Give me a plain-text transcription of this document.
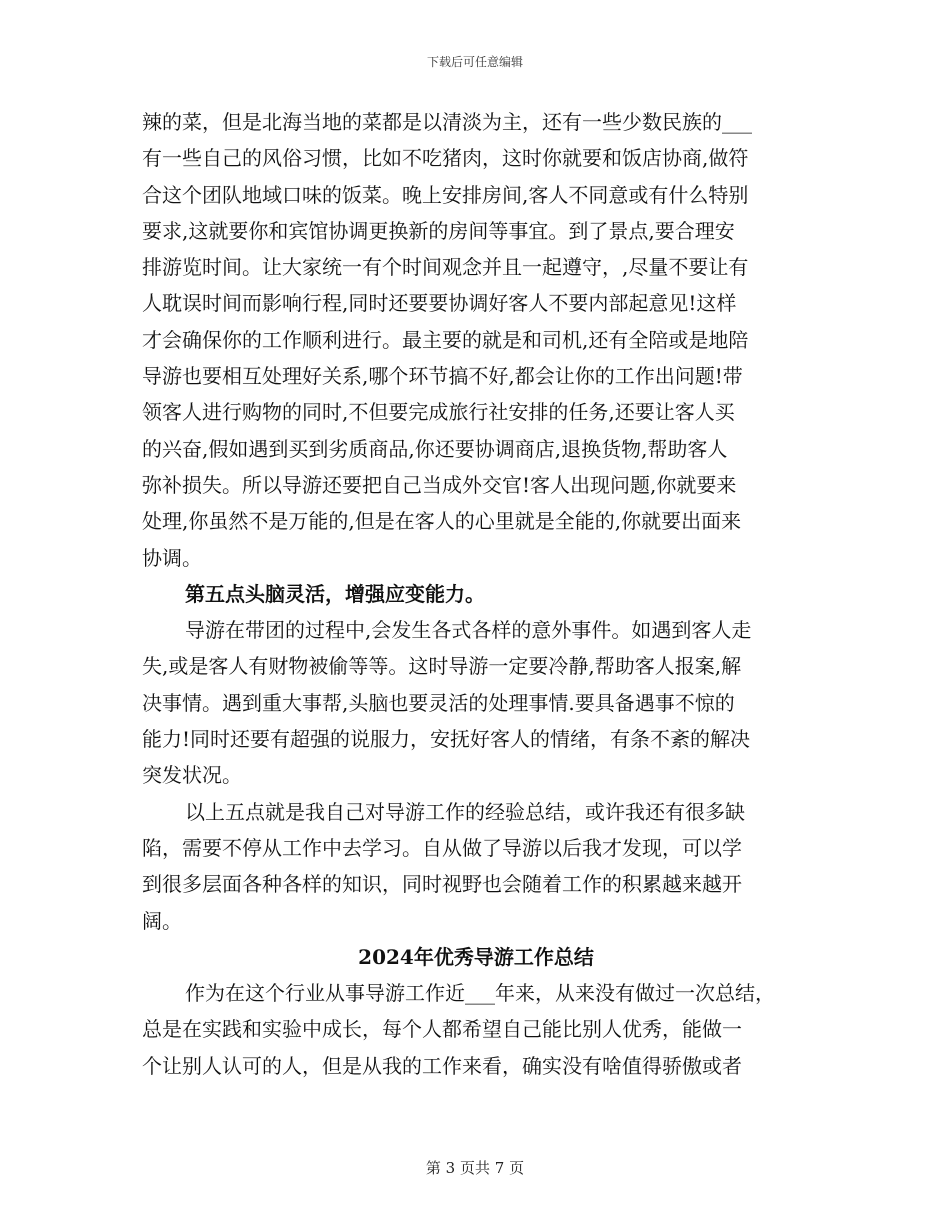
下载后可任意编辑
辣的菜，但是北海当地的菜都是以清淡为主，还有一些少数民族的___
有一些自己的风俗习惯，比如不吃猪肉，这时你就要和饭店协商,做符
合这个团队地域口味的饭菜。晚上安排房间,客人不同意或有什么特别
要求,这就要你和宾馆协调更换新的房间等事宜。到了景点,要合理安
排游览时间。让大家统一有个时间观念并且一起遵守，,尽量不要让有
人耽误时间而影响行程,同时还要要协调好客人不要内部起意见!这样
才会确保你的工作顺利进行。最主要的就是和司机,还有全陪或是地陪
导游也要相互处理好关系,哪个环节搞不好,都会让你的工作出问题!带
领客人进行购物的同时,不但要完成旅行社安排的任务,还要让客人买
的兴奋,假如遇到买到劣质商品,你还要协调商店,退换货物,帮助客人
弥补损失。所以导游还要把自己当成外交官!客人出现问题,你就要来
处理,你虽然不是万能的,但是在客人的心里就是全能的,你就要出面来
协调。
第五点头脑灵活，增强应变能力。
导游在带团的过程中,会发生各式各样的意外事件。如遇到客人走
失,或是客人有财物被偷等等。这时导游一定要冷静,帮助客人报案,解
决事情。遇到重大事帮,头脑也要灵活的处理事情.要具备遇事不惊的
能力!同时还要有超强的说服力，安抚好客人的情绪，有条不紊的解决
突发状况。
以上五点就是我自己对导游工作的经验总结，或许我还有很多缺
陷，需要不停从工作中去学习。自从做了导游以后我才发现，可以学
到很多层面各种各样的知识，同时视野也会随着工作的积累越来越开
阔。
2024年优秀导游工作总结
作为在这个行业从事导游工作近___年来，从来没有做过一次总结，
总是在实践和实验中成长，每个人都希望自己能比别人优秀，能做一
个让别人认可的人，但是从我的工作来看，确实没有啥值得骄傲或者
第 3 页共 7 页
